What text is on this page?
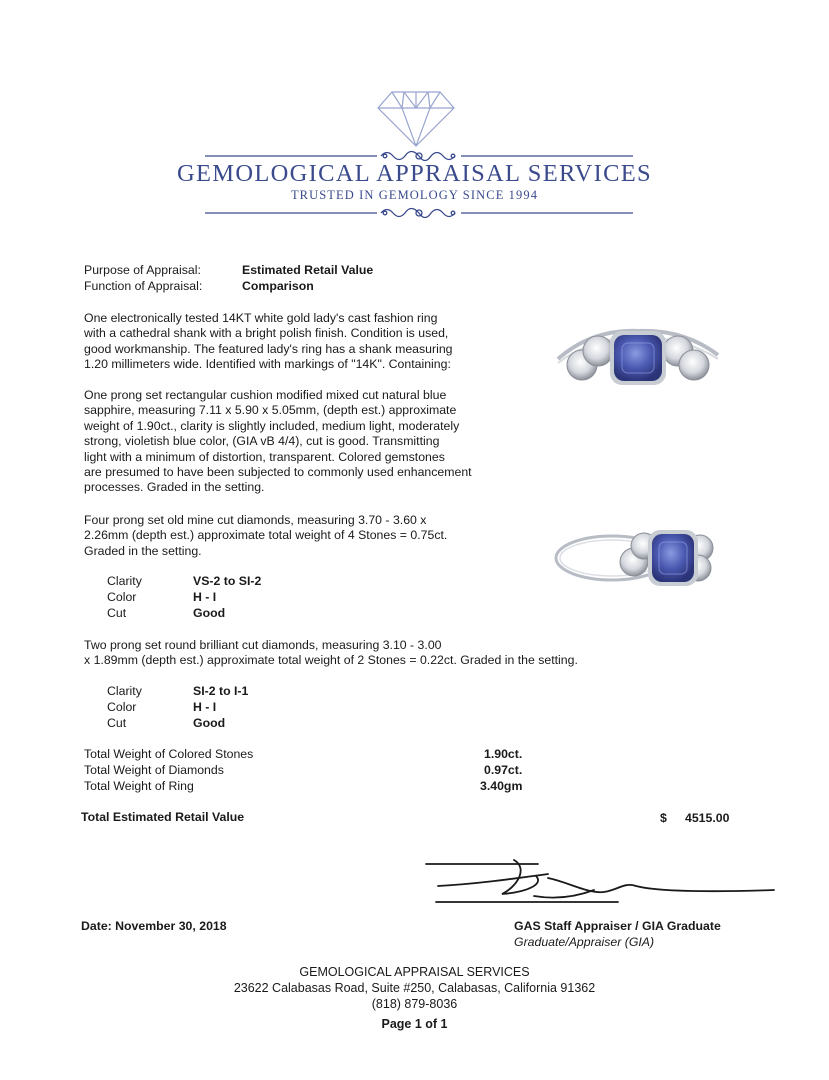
GEMOLOGICAL APPRAISAL SERVICES
TRUSTED IN GEMOLOGY SINCE 1994
Purpose of Appraisal:	Estimated Retail Value
Function of Appraisal:	Comparison

One electronically tested 14KT white gold lady's cast fashion ring

with a cathedral shank with a bright polish finish. Condition is used,

good workmanship. The featured lady's ring has a shank measuring

1.20 millimeters wide. Identified with markings of "14K". Containing:

One prong set rectangular cushion modified mixed cut natural blue

sapphire, measuring 7.11 x 5.90 x 5.05mm, (depth est.) approximate

weight of 1.90ct., clarity is slightly included, medium light, moderately

strong, violetish blue color, (GIA vB 4/4), cut is good. Transmitting

light with a minimum of distortion, transparent. Colored gemstones

are presumed to have been subjected to commonly used enhancement

processes. Graded in the setting.

Four prong set old mine cut diamonds, measuring 3.70 - 3.60 x

2.26mm (depth est.) approximate total weight of 4 Stones = 0.75ct.

Graded in the setting.

Clarity	VS-2 to SI-2
Color	H - I
Cut	Good

Two prong set round brilliant cut diamonds, measuring 3.10 - 3.00

x 1.89mm (depth est.) approximate total weight of 2 Stones = 0.22ct. Graded in the setting.

Clarity	SI-2 to I-1
Color	H - I
Cut	Good
Total Weight of Colored Stones	1.90ct.
Total Weight of Diamonds	0.97ct.
Total Weight of Ring	3.40gm
Total Estimated Retail Value	$ 4515.00
Date: November 30, 2018	GAS Staff Appraiser / GIA Graduate
Graduate/Appraiser (GIA)
GEMOLOGICAL APPRAISAL SERVICES
23622 Calabasas Road, Suite #250, Calabasas, California 91362
(818) 879-8036
Page 1 of 1
